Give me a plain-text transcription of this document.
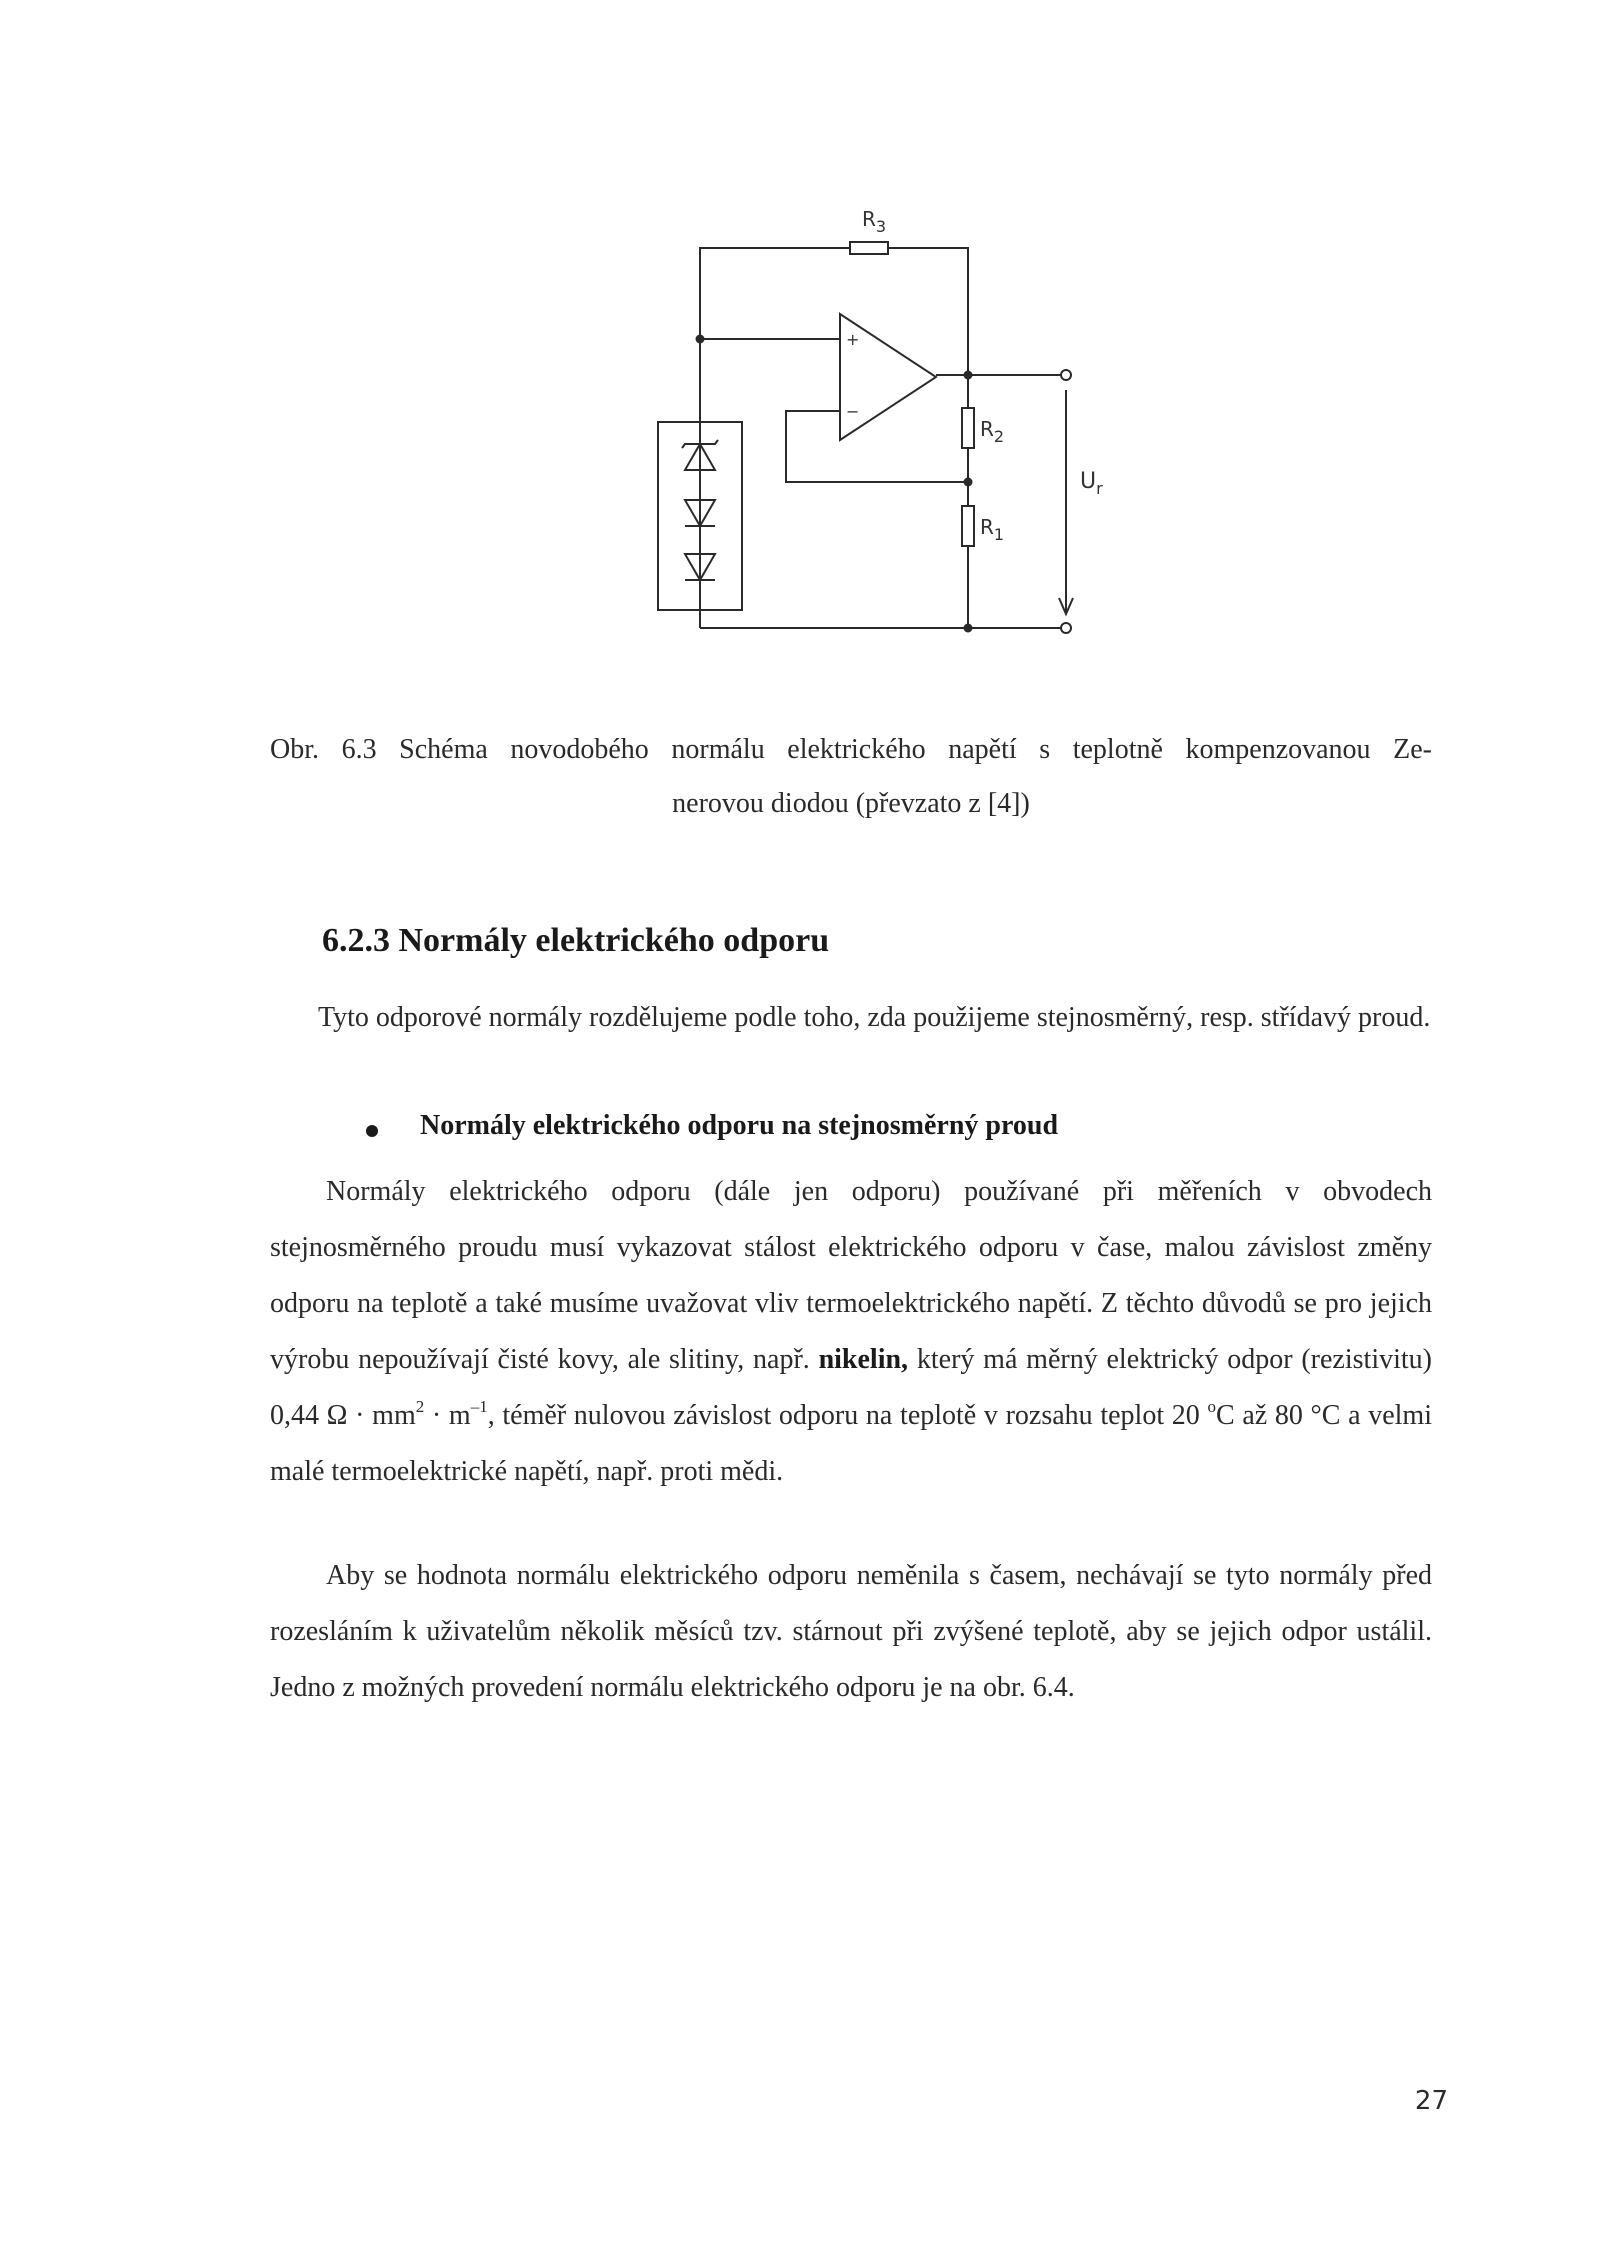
$R_3$
$R_2$
$R_1$
$U_r$
+
−
Obr. 6.3 Schéma novodobého normálu elektrického napětí s teplotně kompenzovanou Ze-
nerovou diodou (převzato z [4])
6.2.3 Normály elektrického odporu
Tyto odporové normály rozdělujeme podle toho, zda použijeme stejnosměrný, resp. střídavý proud.
Normály elektrického odporu na stejnosměrný proud
Normály elektrického odporu (dále jen odporu) používané při měřeních v obvodech stejnosměrného proudu musí vykazovat stálost elektrického odporu v čase, malou závislost změny odporu na teplotě a také musíme uvažovat vliv termoelektrického napětí. Z těchto důvodů se pro jejich výrobu nepoužívají čisté kovy, ale slitiny, např. nikelin, který má měrný elektrický odpor (rezistivitu) 0,44 $\Omega \cdot mm^2 \cdot m^{-1}$, téměř nulovou závislost odporu na teplotě v rozsahu teplot 20 $^o$C až 80 °C a velmi malé termoelektrické napětí, např. proti mědi.
Aby se hodnota normálu elektrického odporu neměnila s časem, nechávají se tyto normály před rozesláním k uživatelům několik měsíců tzv. stárnout při zvýšené teplotě, aby se jejich odpor ustálil. Jedno z možných provedení normálu elektrického odporu je na obr. 6.4.
27
